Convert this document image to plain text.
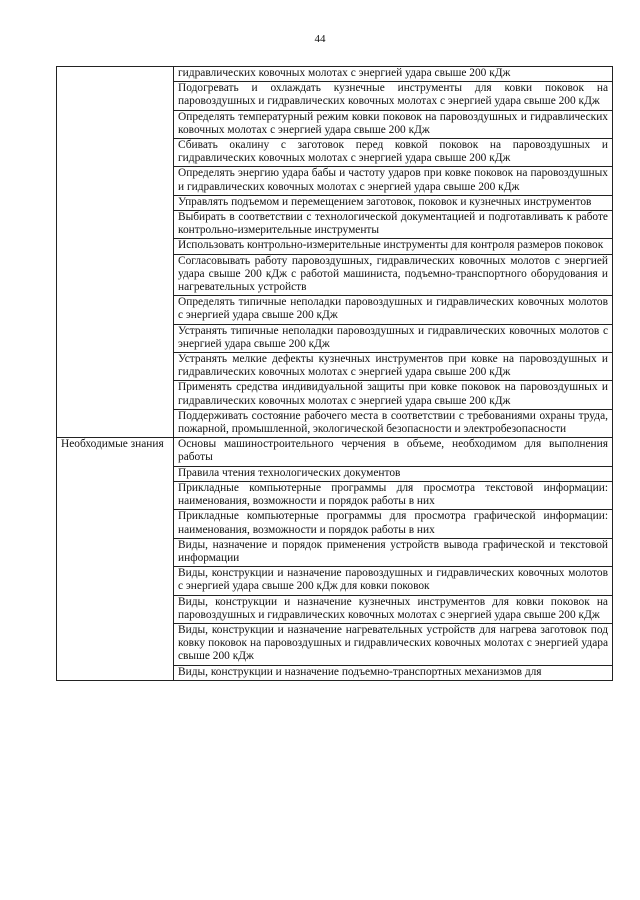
44
	гидравлических ковочных молотах с энергией удара свыше 200 кДж
	Подогревать и охлаждать кузнечные инструменты для ковки поковок на паровоздушных и гидравлических ковочных молотах с энергией удара свыше 200 кДж
	Определять температурный режим ковки поковок на паровоздушных и гидравлических ковочных молотах с энергией удара свыше 200 кДж
	Сбивать окалину с заготовок перед ковкой поковок на паровоздушных и гидравлических ковочных молотах с энергией удара свыше 200 кДж
	Определять энергию удара бабы и частоту ударов при ковке поковок на паровоздушных и гидравлических ковочных молотах с энергией удара свыше 200 кДж
	Управлять подъемом и перемещением заготовок, поковок и кузнечных инструментов
	Выбирать в соответствии с технологической документацией и подготавливать к работе контрольно-измерительные инструменты
	Использовать контрольно-измерительные инструменты для контроля размеров поковок
	Согласовывать работу паровоздушных, гидравлических ковочных молотов с энергией удара свыше 200 кДж с работой машиниста, подъемно-транспортного оборудования и нагревательных устройств
	Определять типичные неполадки паровоздушных и гидравлических ковочных молотов с энергией удара свыше 200 кДж
	Устранять типичные неполадки паровоздушных и гидравлических ковочных молотов с энергией удара свыше 200 кДж
	Устранять мелкие дефекты кузнечных инструментов при ковке на паровоздушных и гидравлических ковочных молотах с энергией удара свыше 200 кДж
	Применять средства индивидуальной защиты при ковке поковок на паровоздушных и гидравлических ковочных молотах с энергией удара свыше 200 кДж
	Поддерживать состояние рабочего места в соответствии с требованиями охраны труда, пожарной, промышленной, экологической безопасности и электробезопасности

Необходимые знания	Основы машиностроительного черчения в объеме, необходимом для выполнения работы
	Правила чтения технологических документов
	Прикладные компьютерные программы для просмотра текстовой информации: наименования, возможности и порядок работы в них
	Прикладные компьютерные программы для просмотра графической информации: наименования, возможности и порядок работы в них
	Виды, назначение и порядок применения устройств вывода графической и текстовой информации
	Виды, конструкции и назначение паровоздушных и гидравлических ковочных молотов с энергией удара свыше 200 кДж для ковки поковок
	Виды, конструкции и назначение кузнечных инструментов для ковки поковок на паровоздушных и гидравлических ковочных молотах с энергией удара свыше 200 кДж
	Виды, конструкции и назначение нагревательных устройств для нагрева заготовок под ковку поковок на паровоздушных и гидравлических ковочных молотах с энергией удара свыше 200 кДж
	Виды, конструкции и назначение подъемно-транспортных механизмов для
